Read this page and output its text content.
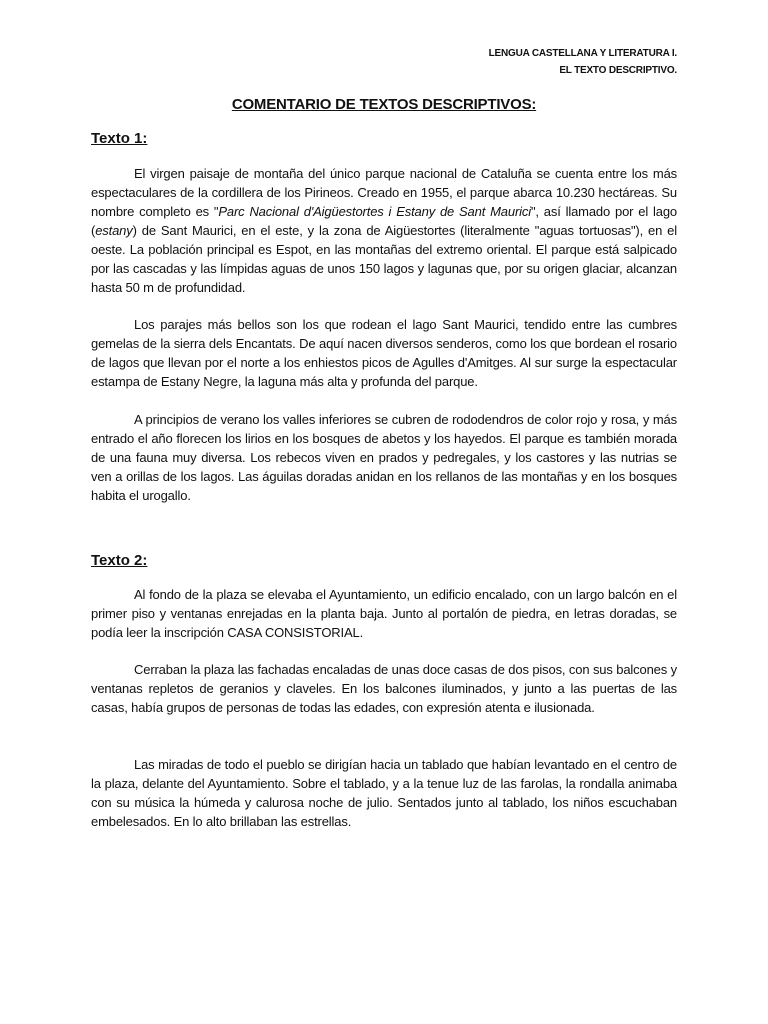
LENGUA CASTELLANA Y LITERATURA I.
EL TEXTO DESCRIPTIVO.
COMENTARIO DE TEXTOS DESCRIPTIVOS:
Texto 1:

El virgen paisaje de montaña del único parque nacional de Cataluña se cuenta entre los más espectaculares de la cordillera de los Pirineos. Creado en 1955, el parque abarca 10.230 hectáreas. Su nombre completo es "Parc Nacional d'Aigüestortes i Estany de Sant Maurici", así llamado por el lago (estany) de Sant Maurici, en el este, y la zona de Aigüestortes (literalmente "aguas tortuosas"), en el oeste. La población principal es Espot, en las montañas del extremo oriental. El parque está salpicado por las cascadas y las límpidas aguas de unos 150 lagos y lagunas que, por su origen glaciar, alcanzan hasta 50 m de profundidad.

Los parajes más bellos son los que rodean el lago Sant Maurici, tendido entre las cumbres gemelas de la sierra dels Encantats. De aquí nacen diversos senderos, como los que bordean el rosario de lagos que llevan por el norte a los enhiestos picos de Agulles d'Amitges. Al sur surge la espectacular estampa de Estany Negre, la laguna más alta y profunda del parque.

A principios de verano los valles inferiores se cubren de rododendros de color rojo y rosa, y más entrado el año florecen los lirios en los bosques de abetos y los hayedos. El parque es también morada de una fauna muy diversa. Los rebecos viven en prados y pedregales, y los castores y las nutrias se ven a orillas de los lagos. Las águilas doradas anidan en los rellanos de las montañas y en los bosques habita el urogallo.

Texto 2:

Al fondo de la plaza se elevaba el Ayuntamiento, un edificio encalado, con un largo balcón en el primer piso y ventanas enrejadas en la planta baja. Junto al portalón de piedra, en letras doradas, se podía leer la inscripción CASA CONSISTORIAL.

Cerraban la plaza las fachadas encaladas de unas doce casas de dos pisos, con sus balcones y ventanas repletos de geranios y claveles. En los balcones iluminados, y junto a las puertas de las casas, había grupos de personas de todas las edades, con expresión atenta e ilusionada.

Las miradas de todo el pueblo se dirigían hacia un tablado que habían levantado en el centro de la plaza, delante del Ayuntamiento. Sobre el tablado, y a la tenue luz de las farolas, la rondalla animaba con su música la húmeda y calurosa noche de julio. Sentados junto al tablado, los niños escuchaban embelesados. En lo alto brillaban las estrellas.
